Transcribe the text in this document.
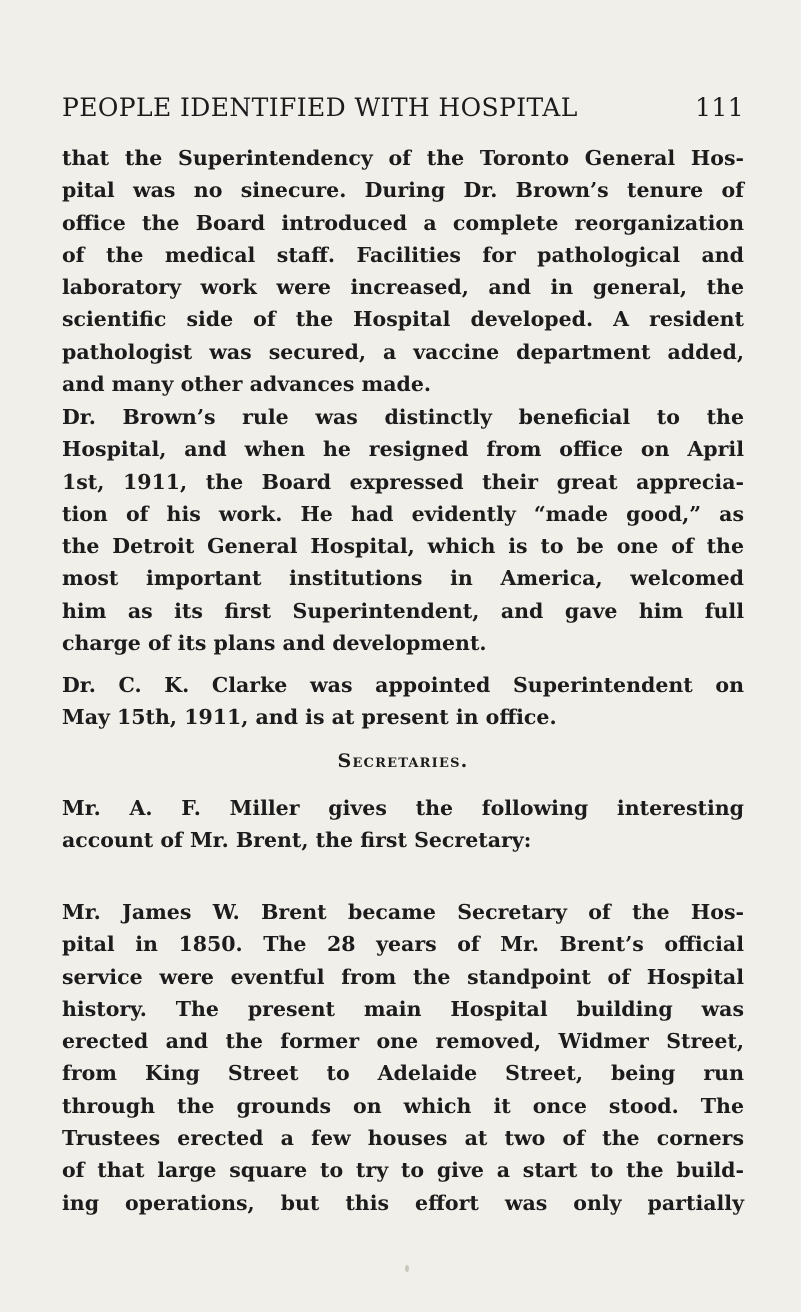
PEOPLE IDENTIFIED WITH HOSPITAL	111
that the Superintendency of the Toronto General Hos-
pital was no sinecure. During Dr. Brown’s tenure of
office the Board introduced a complete reorganization
of the medical staff. Facilities for pathological and
laboratory work were increased, and in general, the
scientific side of the Hospital developed. A resident
pathologist was secured, a vaccine department added,
and many other advances made.
Dr. Brown’s rule was distinctly beneficial to the
Hospital, and when he resigned from office on April
1st, 1911, the Board expressed their great apprecia-
tion of his work. He had evidently “made good,” as
the Detroit General Hospital, which is to be one of the
most important institutions in America, welcomed
him as its first Superintendent, and gave him full
charge of its plans and development.
Dr. C. K. Clarke was appointed Superintendent on
May 15th, 1911, and is at present in office.
Secretaries.
Mr. A. F. Miller gives the following interesting
account of Mr. Brent, the first Secretary:
Mr. James W. Brent became Secretary of the Hos-
pital in 1850. The 28 years of Mr. Brent’s official
service were eventful from the standpoint of Hospital
history. The present main Hospital building was
erected and the former one removed, Widmer Street,
from King Street to Adelaide Street, being run
through the grounds on which it once stood. The
Trustees erected a few houses at two of the corners
of that large square to try to give a start to the build-
ing operations, but this effort was only partially
